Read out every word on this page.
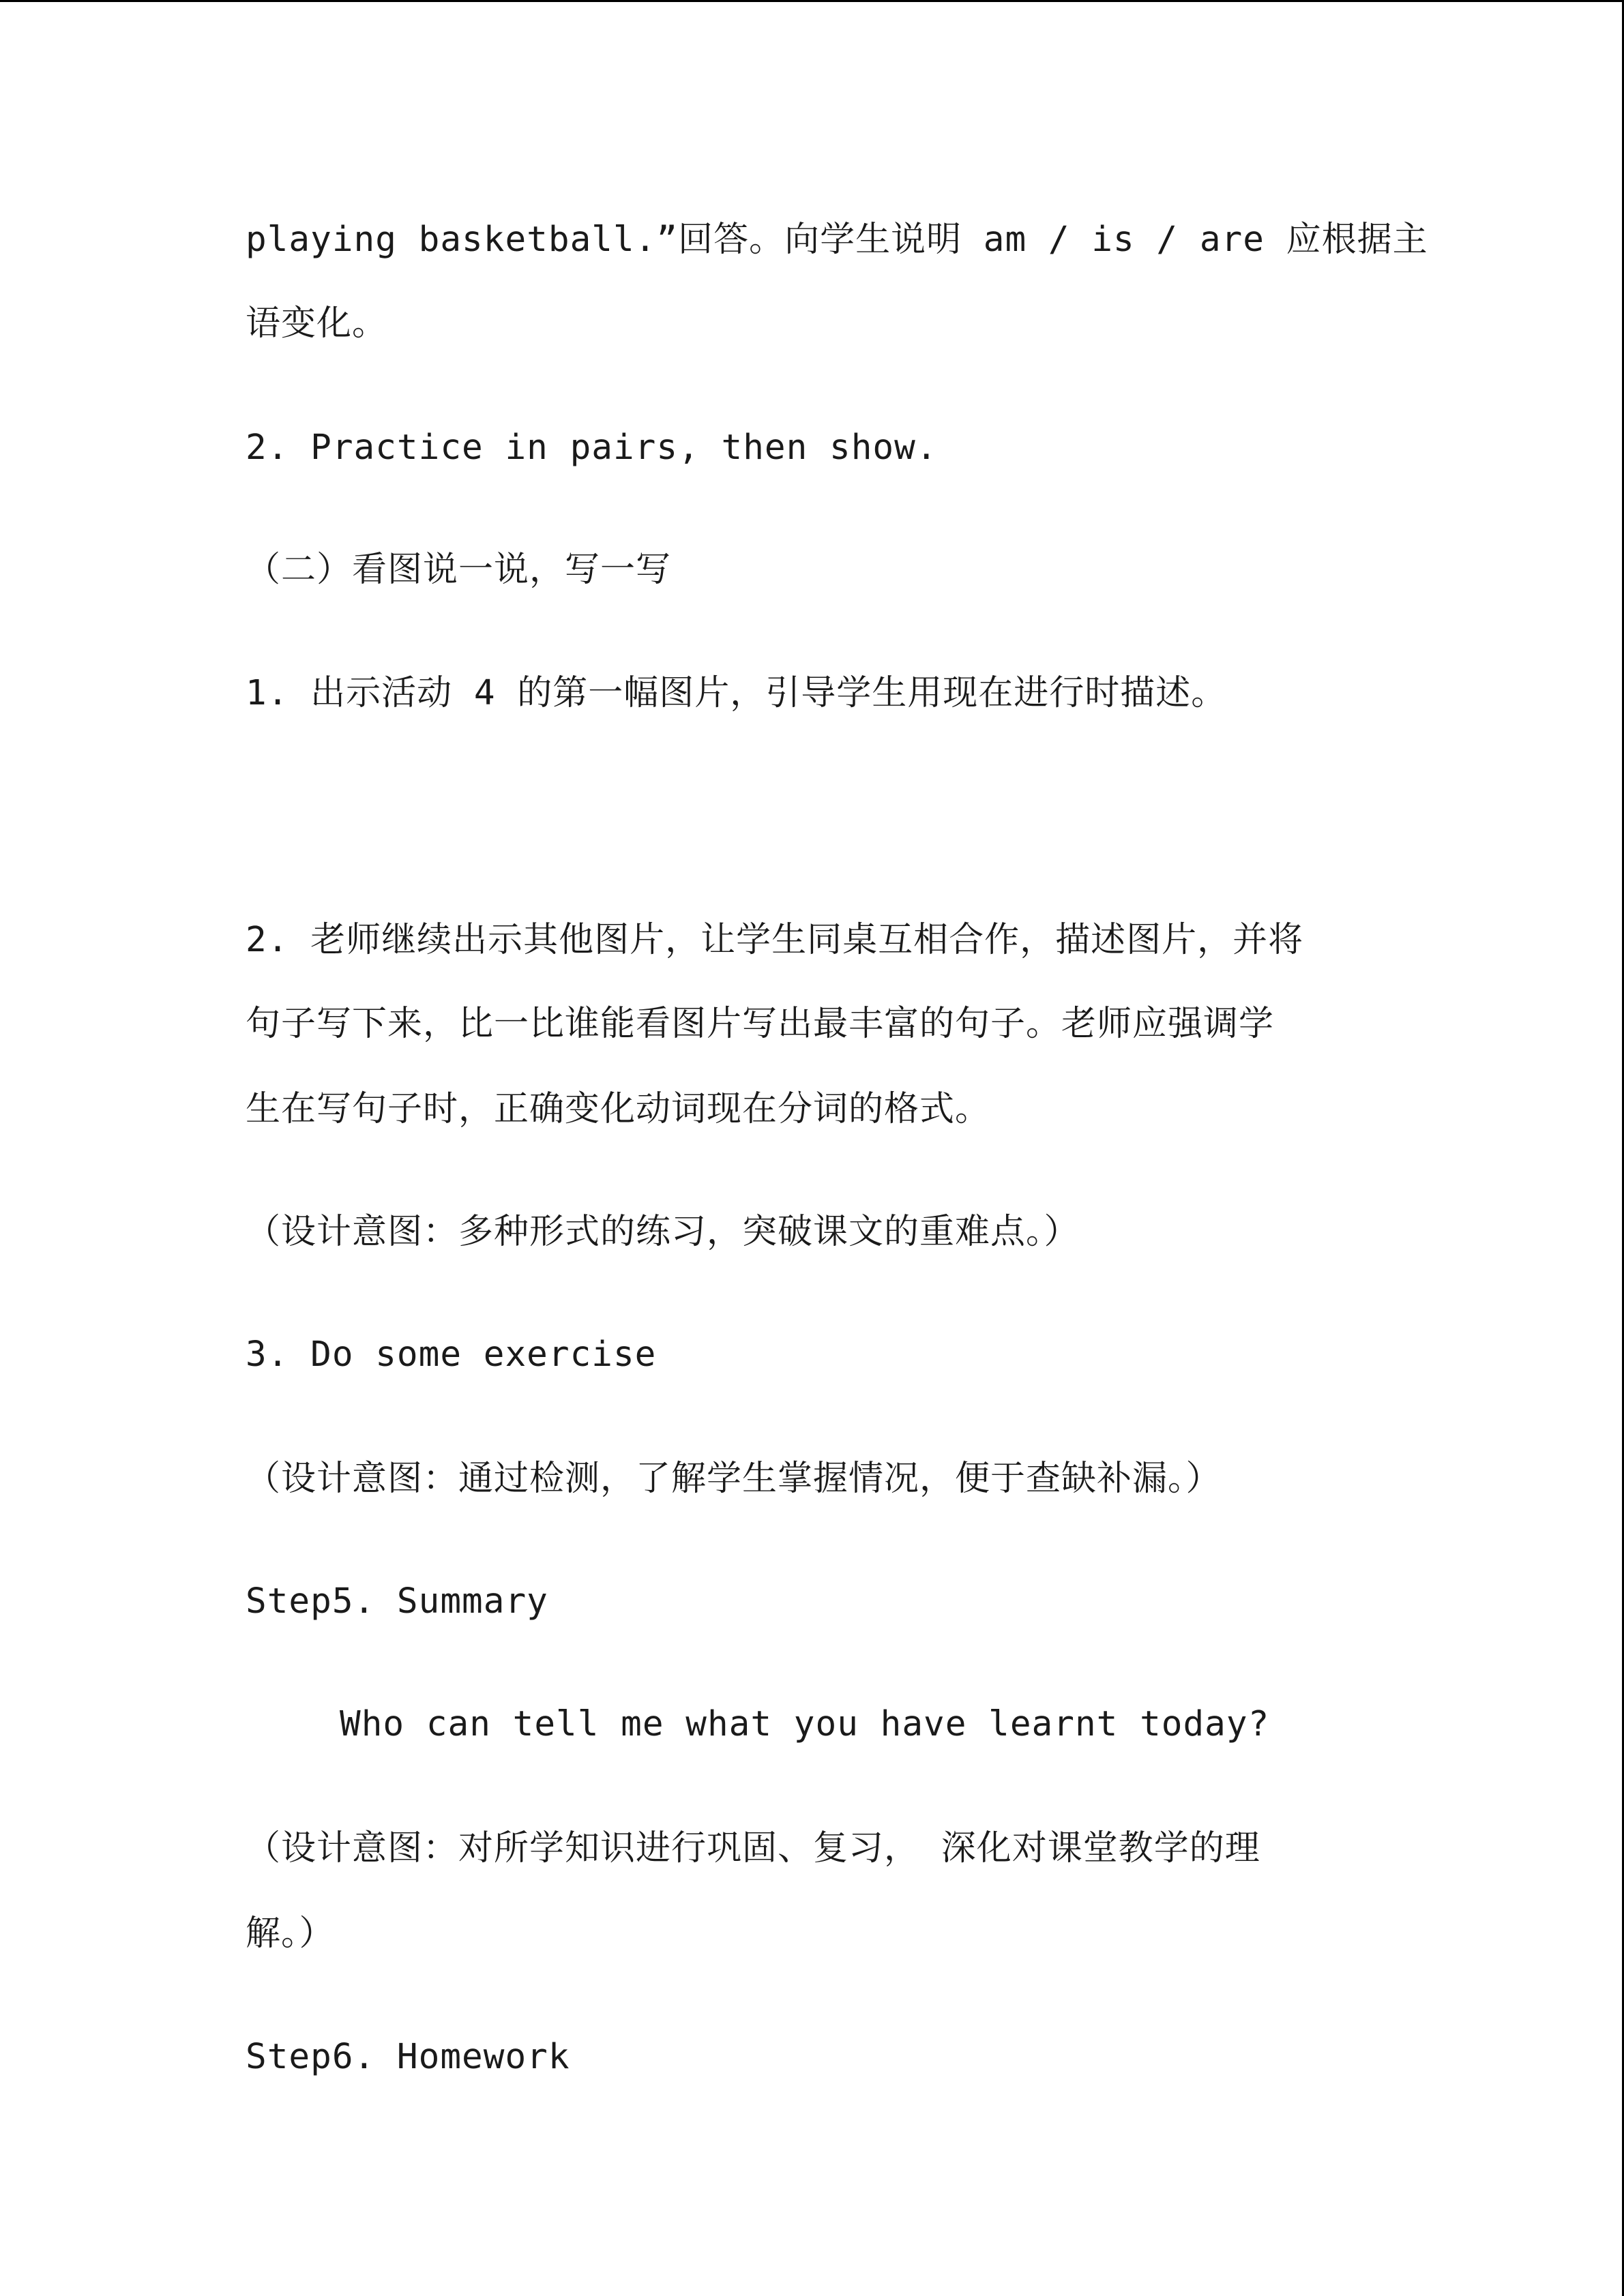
playing basketball.”回答。向学生说明 am / is / are 应根据主
语变化。
2. Practice in pairs, then show.
（二）看图说一说，写一写
1. 出示活动 4 的第一幅图片，引导学生用现在进行时描述。
2. 老师继续出示其他图片，让学生同桌互相合作，描述图片，并将
句子写下来，比一比谁能看图片写出最丰富的句子。老师应强调学
生在写句子时，正确变化动词现在分词的格式。
（设计意图：多种形式的练习，突破课文的重难点。）
3. Do some exercise
（设计意图：通过检测，了解学生掌握情况，便于查缺补漏。）
Step5. Summary
Who can tell me what you have learnt today?
（设计意图：对所学知识进行巩固、复习， 深化对课堂教学的理
解。）
Step6. Homework
